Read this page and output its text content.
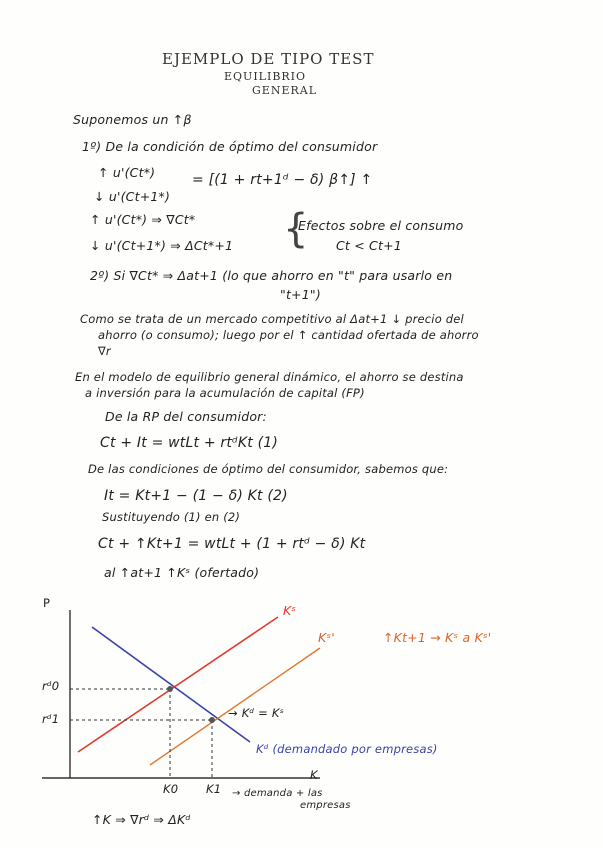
EJEMPLO DE TIPO TEST
EQUILIBRIO
GENERAL
Suponemos un ↑β
1º) De la condición de óptimo del consumidor
↑ u'(Ct*)
↓ u'(Ct+1*)
= [(1 + rt+1ᵈ − δ) β↑] ↑
↑ u'(Ct*) ⇒ ∇Ct*
↓ u'(Ct+1*) ⇒ ΔCt*+1 {
Efectos sobre el consumo
Ct < Ct+1
2º) Si ∇Ct* ⇒ Δat+1 (lo que ahorro en "t" para usarlo en
"t+1")
Como se trata de un mercado competitivo al Δat+1 ↓ precio del
ahorro (o consumo); luego por el ↑ cantidad ofertada de ahorro
∇r
En el modelo de equilibrio general dinámico, el ahorro se destina
a inversión para la acumulación de capital (FP)
De la RP del consumidor:
Ct + It = wtLt + rtᵈKt (1)
De las condiciones de óptimo del consumidor, sabemos que:
It = Kt+1 − (1 − δ) Kt (2)
Sustituyendo (1) en (2)
Ct + ↑Kt+1 = wtLt + (1 + rtᵈ − δ) Kt
al ↑at+1 ↑Kˢ (ofertado)
P
K
Kˢ
Kˢ'	↑Kt+1 → Kˢ a Kˢ'
→ Kᵈ = Kˢ
Kᵈ (demandado por empresas)
rᵈ0
rᵈ1
K0 K1 → demanda + las
empresas
↑K ⇒ ∇rᵈ ⇒ ΔKᵈ
